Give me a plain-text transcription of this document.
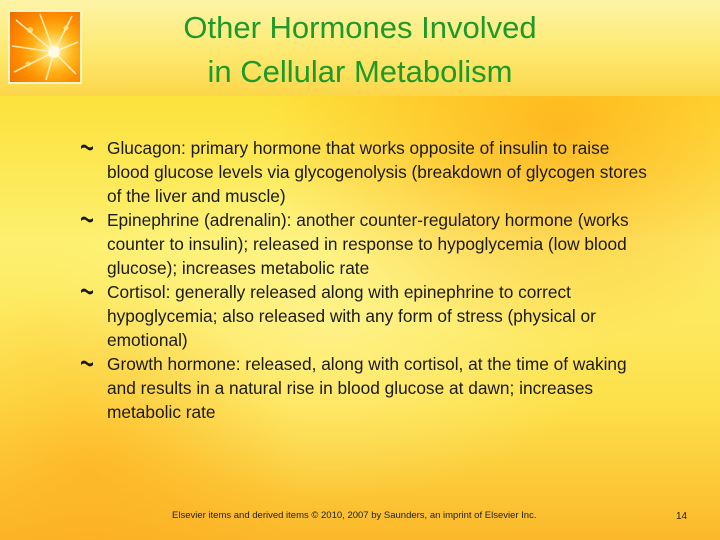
Other Hormones Involved
in Cellular Metabolism
Glucagon: primary hormone that works opposite of insulin to raise blood glucose levels via glycogenolysis (breakdown of glycogen stores of the liver and muscle)
Epinephrine (adrenalin): another counter-regulatory hormone (works counter to insulin); released in response to hypoglycemia (low blood glucose); increases metabolic rate
Cortisol: generally released along with epinephrine to correct hypoglycemia; also released with any form of stress (physical or emotional)
Growth hormone: released, along with cortisol, at the time of waking and results in a natural rise in blood glucose at dawn; increases metabolic rate
Elsevier items and derived items © 2010, 2007 by Saunders, an imprint of Elsevier Inc.	14
